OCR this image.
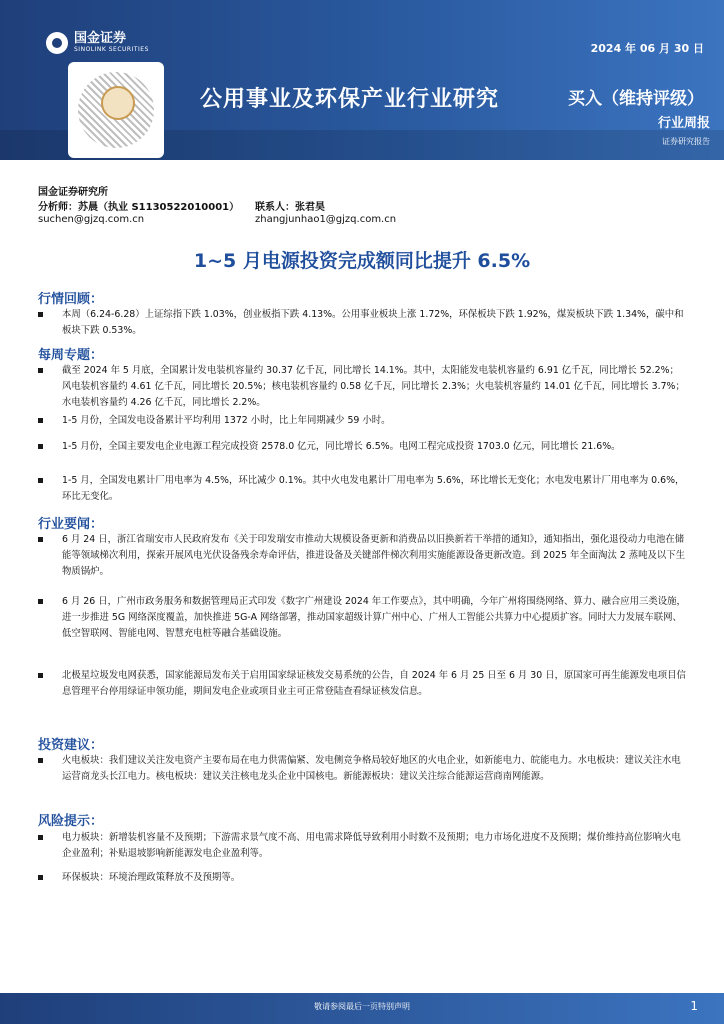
国金证券
SINOLINK SECURITIES	2024 年 06 月 30 日
公用事业及环保产业行业研究	买入（维持评级）
行业周报
证券研究报告
国金证券研究所
分析师：苏晨（执业 S1130522010001）
suchen@gjzq.com.cn
联系人：张君昊
zhangjunhao1@gjzq.com.cn
1~5 月电源投资完成额同比提升 6.5%
行情回顾：
本周（6.24-6.28）上证综指下跌 1.03%，创业板指下跌 4.13%。公用事业板块上涨 1.72%，环保板块下跌 1.92%，煤炭板块下跌 1.34%，碳中和板块下跌 0.53%。
每周专题：
截至 2024 年 5 月底，全国累计发电装机容量约 30.37 亿千瓦，同比增长 14.1%。其中，太阳能发电装机容量约 6.91 亿千瓦，同比增长 52.2%；风电装机容量约 4.61 亿千瓦，同比增长 20.5%；核电装机容量约 0.58 亿千瓦，同比增长 2.3%；火电装机容量约 14.01 亿千瓦，同比增长 3.7%；水电装机容量约 4.26 亿千瓦，同比增长 2.2%。
1-5 月份，全国发电设备累计平均利用 1372 小时，比上年同期减少 59 小时。
1-5 月份，全国主要发电企业电源工程完成投资 2578.0 亿元，同比增长 6.5%。电网工程完成投资 1703.0 亿元，同比增长 21.6%。
1-5 月，全国发电累计厂用电率为 4.5%，环比减少 0.1%。其中火电发电累计厂用电率为 5.6%，环比增长无变化；水电发电累计厂用电率为 0.6%，环比无变化。
行业要闻：
6 月 24 日，浙江省瑞安市人民政府发布《关于印发瑞安市推动大规模设备更新和消费品以旧换新若干举措的通知》，通知指出，强化退役动力电池在储能等领域梯次利用，探索开展风电光伏设备残余寿命评估，推进设备及关键部件梯次利用实施能源设备更新改造。到 2025 年全面淘汰 2 蒸吨及以下生物质锅炉。
6 月 26 日，广州市政务服务和数据管理局正式印发《数字广州建设 2024 年工作要点》，其中明确，今年广州将围绕网络、算力、融合应用三类设施，进一步推进 5G 网络深度覆盖，加快推进 5G-A 网络部署，推动国家超级计算广州中心、广州人工智能公共算力中心提质扩容。同时大力发展车联网、低空智联网、智能电网、智慧充电桩等融合基础设施。
北极星垃圾发电网获悉，国家能源局发布关于启用国家绿证核发交易系统的公告，自 2024 年 6 月 25 日至 6 月 30 日，原国家可再生能源发电项目信息管理平台停用绿证申领功能，期间发电企业或项目业主可正常登陆查看绿证核发信息。
投资建议：
火电板块：我们建议关注发电资产主要布局在电力供需偏紧、发电侧竞争格局较好地区的火电企业，如新能电力、皖能电力。水电板块：建议关注水电运营商龙头长江电力。核电板块：建议关注核电龙头企业中国核电。新能源板块：建议关注综合能源运营商南网能源。
风险提示：
电力板块：新增装机容量不及预期；下游需求景气度不高、用电需求降低导致利用小时数不及预期；电力市场化进度不及预期；煤价维持高位影响火电企业盈利；补贴退坡影响新能源发电企业盈利等。
环保板块：环境治理政策释放不及预期等。
敬请参阅最后一页特别声明	1
